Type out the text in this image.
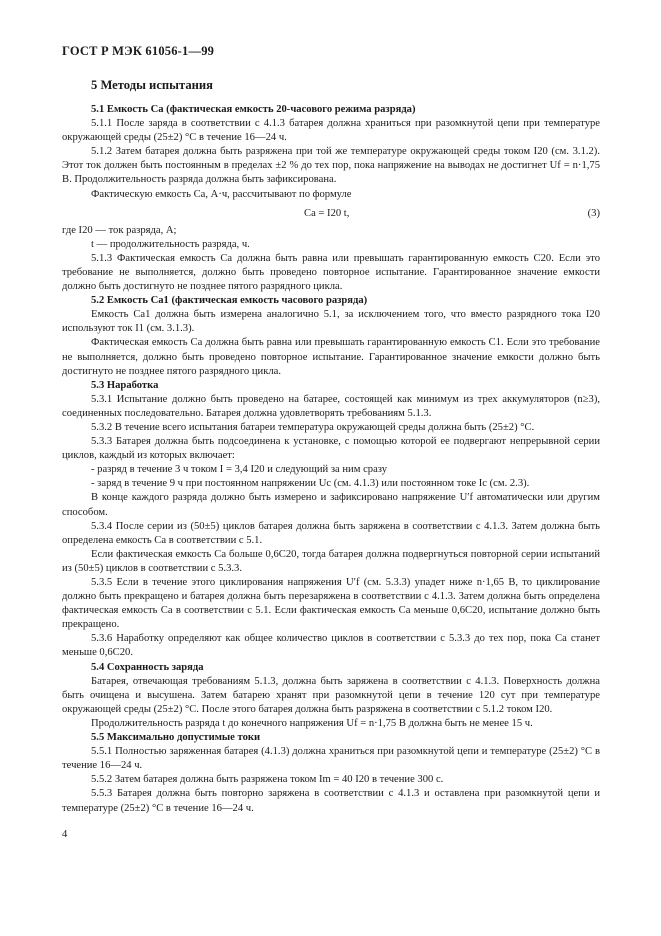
ГОСТ Р МЭК 61056-1—99

5 Методы испытания

5.1 Емкость Cа (фактическая емкость 20-часового режима разряда)

5.1.1 После заряда в соответствии с 4.1.3 батарея должна храниться при разомкнутой цепи при температуре окружающей среды (25±2) °С в течение 16—24 ч.

5.1.2 Затем батарея должна быть разряжена при той же температуре окружающей среды током I20 (см. 3.1.2). Этот ток должен быть постоянным в пределах ±2 % до тех пор, пока напряжение на выводах не достигнет Uf = n·1,75 В. Продолжительность разряда должна быть зафиксирована.

Фактическую емкость Cа, А·ч, рассчитывают по формуле

Cа = I20 t,	(3)

где I20 — ток разряда, А;

t — продолжительность разряда, ч.

5.1.3 Фактическая емкость Cа должна быть равна или превышать гарантированную емкость C20. Если это требование не выполняется, должно быть проведено повторное испытание. Гарантированное значение емкости должно быть достигнуто не позднее пятого разрядного цикла.

5.2 Емкость Cа1 (фактическая емкость часового разряда)

Емкость Cа1 должна быть измерена аналогично 5.1, за исключением того, что вместо разрядного тока I20 используют ток I1 (см. 3.1.3).

Фактическая емкость Cа должна быть равна или превышать гарантированную емкость C1. Если это требование не выполняется, должно быть проведено повторное испытание. Гарантированное значение емкости должно быть достигнуто не позднее пятого разрядного цикла.

5.3 Наработка

5.3.1 Испытание должно быть проведено на батарее, состоящей как минимум из трех аккумуляторов (n≥3), соединенных последовательно. Батарея должна удовлетворять требованиям 5.1.3.

5.3.2 В течение всего испытания батареи температура окружающей среды должна быть (25±2) °С.

5.3.3 Батарея должна быть подсоединена к установке, с помощью которой ее подвергают непрерывной серии циклов, каждый из которых включает:

- разряд в течение 3 ч током I = 3,4 I20 и следующий за ним сразу

- заряд в течение 9 ч при постоянном напряжении Uс (см. 4.1.3) или постоянном токе Iс (см. 2.3).

В конце каждого разряда должно быть измерено и зафиксировано напряжение U′f автоматически или другим способом.

5.3.4 После серии из (50±5) циклов батарея должна быть заряжена в соответствии с 4.1.3. Затем должна быть определена емкость Cа в соответствии с 5.1.

Если фактическая емкость Cа больше 0,6C20, тогда батарея должна подвергнуться повторной серии испытаний из (50±5) циклов в соответствии с 5.3.3.

5.3.5 Если в течение этого циклирования напряжения U′f (см. 5.3.3) упадет ниже n·1,65 В, то циклирование должно быть прекращено и батарея должна быть перезаряжена в соответствии с 4.1.3. Затем должна быть определена фактическая емкость Cа в соответствии с 5.1. Если фактическая емкость Cа меньше 0,6C20, испытание должно быть прекращено.

5.3.6 Наработку определяют как общее количество циклов в соответствии с 5.3.3 до тех пор, пока Cа станет меньше 0,6C20.

5.4 Сохранность заряда

Батарея, отвечающая требованиям 5.1.3, должна быть заряжена в соответствии с 4.1.3. Поверхность должна быть очищена и высушена. Затем батарею хранят при разомкнутой цепи в течение 120 сут при температуре окружающей среды (25±2) °С. После этого батарея должна быть разряжена в соответствии с 5.1.2 током I20.

Продолжительность разряда t до конечного напряжения Uf = n·1,75 В должна быть не менее 15 ч.

5.5 Максимально допустимые токи

5.5.1 Полностью заряженная батарея (4.1.3) должна храниться при разомкнутой цепи и температуре (25±2) °С в течение 16—24 ч.

5.5.2 Затем батарея должна быть разряжена током Im = 40 I20 в течение 300 с.

5.5.3 Батарея должна быть повторно заряжена в соответствии с 4.1.3 и оставлена при разомкнутой цепи и температуре (25±2) °С в течение 16—24 ч.

4
